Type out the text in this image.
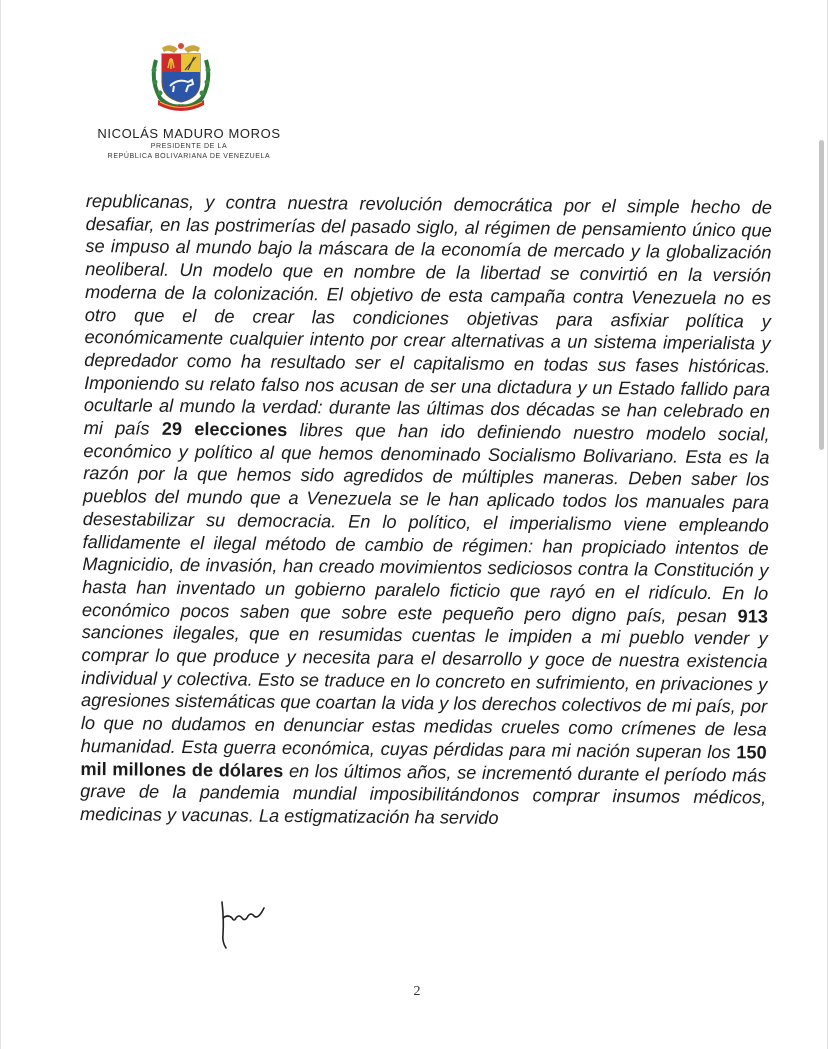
NICOLÁS MADURO MOROS
PRESIDENTE DE LA
REPÚBLICA BOLIVARIANA DE VENEZUELA
republicanas, y contra nuestra revolución democrática por el simple hecho de desafiar, en las postrimerías del pasado siglo, al régimen de pensamiento único que se impuso al mundo bajo la máscara de la economía de mercado y la globalización neoliberal. Un modelo que en nombre de la libertad se convirtió en la versión moderna de la colonización. El objetivo de esta campaña contra Venezuela no es otro que el de crear las condiciones objetivas para asfixiar política y económicamente cualquier intento por crear alternativas a un sistema imperialista y depredador como ha resultado ser el capitalismo en todas sus fases históricas. Imponiendo su relato falso nos acusan de ser una dictadura y un Estado fallido para ocultarle al mundo la verdad: durante las últimas dos décadas se han celebrado en mi país 29 elecciones libres que han ido definiendo nuestro modelo social, económico y político al que hemos denominado Socialismo Bolivariano. Esta es la razón por la que hemos sido agredidos de múltiples maneras. Deben saber los pueblos del mundo que a Venezuela se le han aplicado todos los manuales para desestabilizar su democracia. En lo político, el imperialismo viene empleando fallidamente el ilegal método de cambio de régimen: han propiciado intentos de Magnicidio, de invasión, han creado movimientos sediciosos contra la Constitución y hasta han inventado un gobierno paralelo ficticio que rayó en el ridículo. En lo económico pocos saben que sobre este pequeño pero digno país, pesan 913 sanciones ilegales, que en resumidas cuentas le impiden a mi pueblo vender y comprar lo que produce y necesita para el desarrollo y goce de nuestra existencia individual y colectiva. Esto se traduce en lo concreto en sufrimiento, en privaciones y agresiones sistemáticas que coartan la vida y los derechos colectivos de mi país, por lo que no dudamos en denunciar estas medidas crueles como crímenes de lesa humanidad. Esta guerra económica, cuyas pérdidas para mi nación superan los 150 mil millones de dólares en los últimos años, se incrementó durante el período más grave de la pandemia mundial imposibilitándonos comprar insumos médicos, medicinas y vacunas. La estigmatización ha servido
2
